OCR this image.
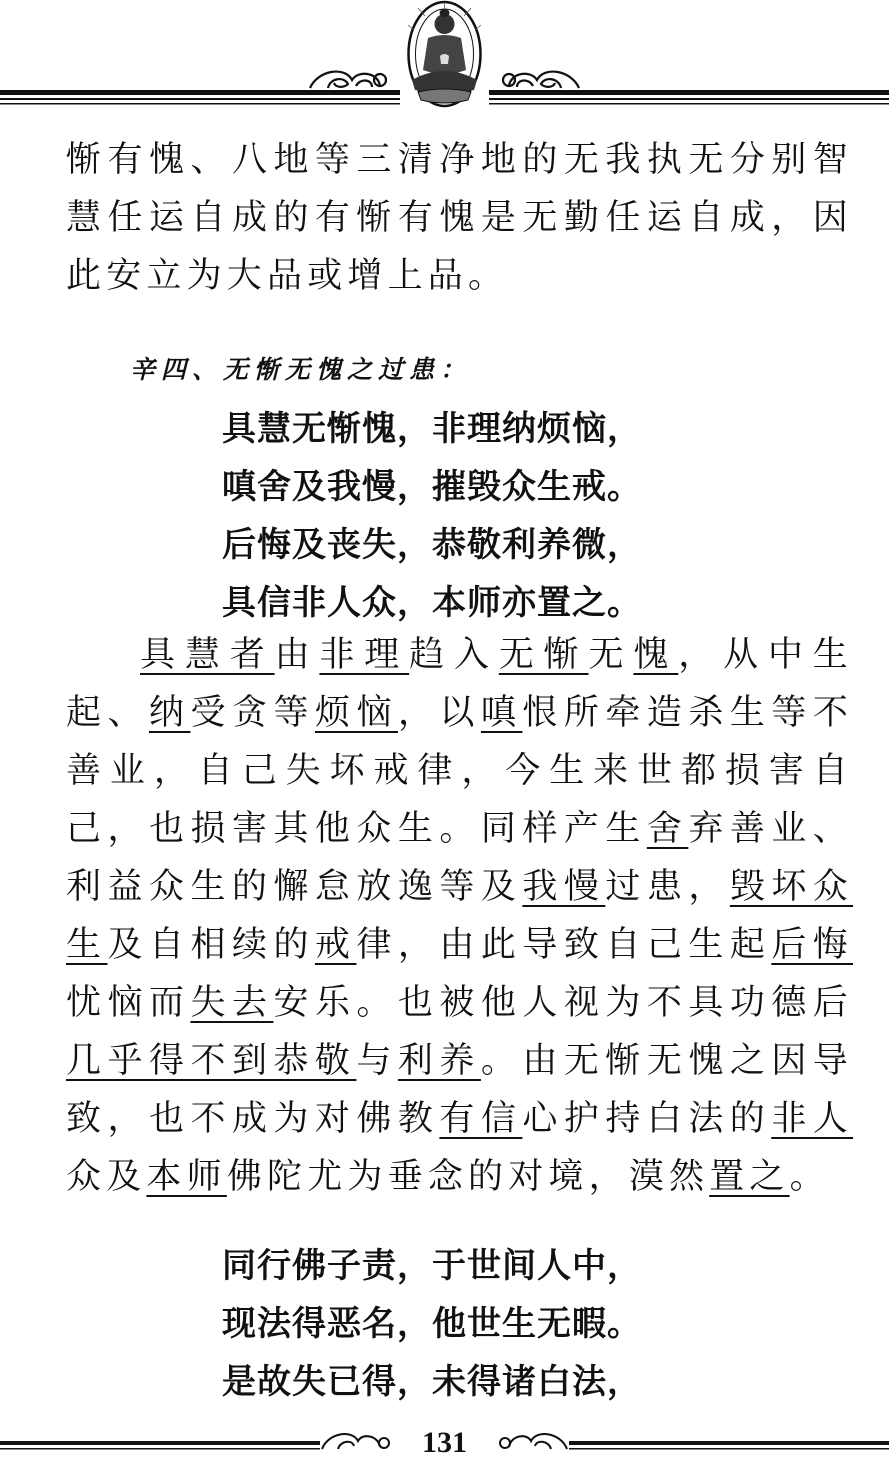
惭有愧、八地等三清净地的无我执无分别智慧任运自成的有惭有愧是无勤任运自成，因此安立为大品或增上品。
辛四、无惭无愧之过患：
具慧无惭愧，非理纳烦恼，
嗔舍及我慢，摧毁众生戒。
后悔及丧失，恭敬利养微，
具信非人众，本师亦置之。
具慧者由非理趋入无惭无愧，从中生起、纳受贪等烦恼，以嗔恨所牵造杀生等不善业，自己失坏戒律，今生来世都损害自己，也损害其他众生。同样产生舍弃善业、利益众生的懈怠放逸等及我慢过患，毁坏众生及自相续的戒律，由此导致自己生起后悔忧恼而失去安乐。也被他人视为不具功德后几乎得不到恭敬与利养。由无惭无愧之因导致，也不成为对佛教有信心护持白法的非人众及本师佛陀尤为垂念的对境，漠然置之。
同行佛子责，于世间人中，
现法得恶名，他世生无暇。
是故失已得，未得诸白法，
131
